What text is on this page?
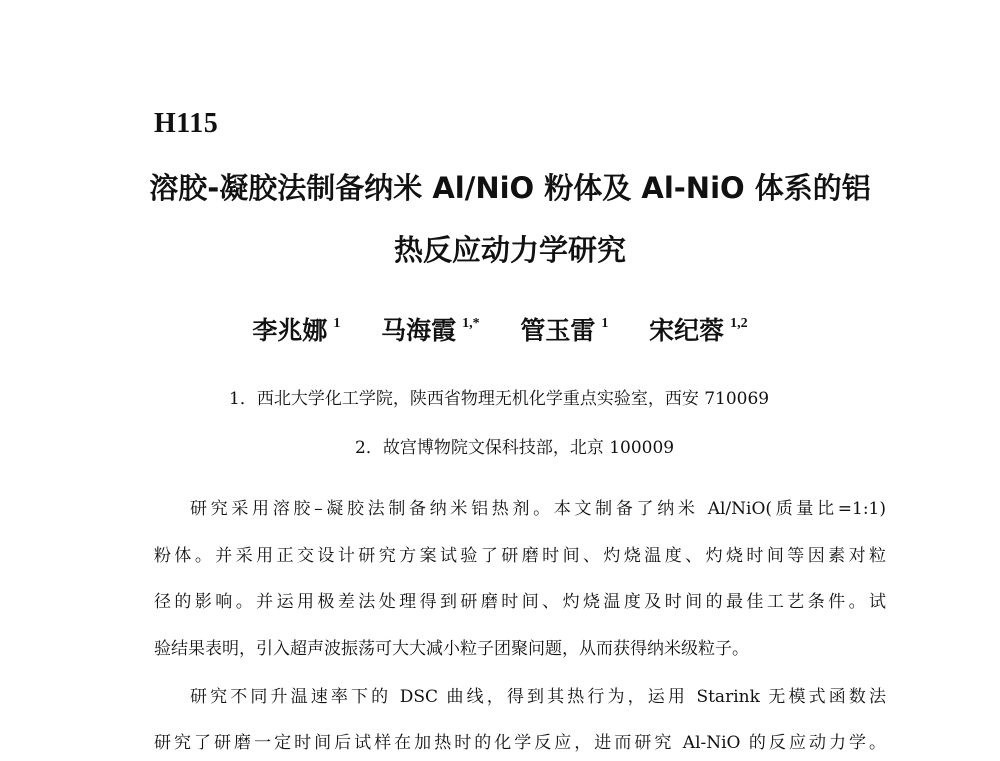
H115
溶胶-凝胶法制备纳米 Al/NiO 粉体及 Al-NiO 体系的铝
热反应动力学研究
李兆娜 $^1$ 马海霞 $^{1,*}$ 管玉雷 $^1$ 宋纪蓉 $^{1,2}$
1．西北大学化工学院，陕西省物理无机化学重点实验室，西安 710069
2．故宫博物院文保科技部，北京 100009
研究采用溶胶–凝胶法制备纳米铝热剂。本文制备了纳米 Al/NiO(质量比=1:1)
粉体。并采用正交设计研究方案试验了研磨时间、灼烧温度、灼烧时间等因素对粒
径的影响。并运用极差法处理得到研磨时间、灼烧温度及时间的最佳工艺条件。试
验结果表明，引入超声波振荡可大大减小粒子团聚问题，从而获得纳米级粒子。
研究不同升温速率下的 DSC 曲线，得到其热行为，运用 Starink 无模式函数法
研究了研磨一定时间后试样在加热时的化学反应，进而研究 Al-NiO 的反应动力学。
